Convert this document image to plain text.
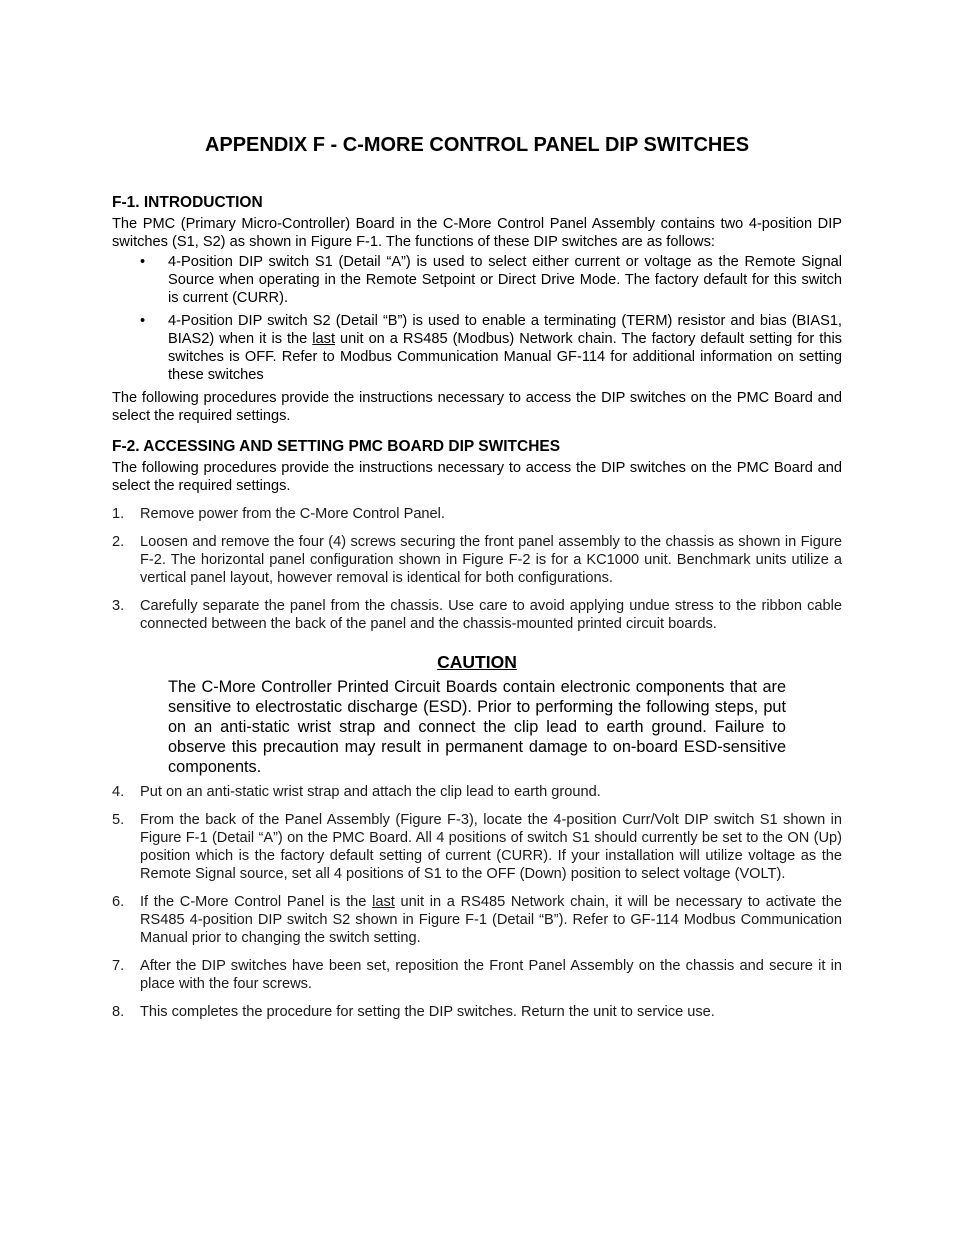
APPENDIX F - C-MORE CONTROL PANEL DIP SWITCHES
F-1. INTRODUCTION

The PMC (Primary Micro-Controller) Board in the C-More Control Panel Assembly contains two 4-position DIP switches (S1, S2) as shown in Figure F-1. The functions of these DIP switches are as follows:

• 4-Position DIP switch S1 (Detail “A”) is used to select either current or voltage as the Remote Signal Source when operating in the Remote Setpoint or Direct Drive Mode. The factory default for this switch is current (CURR).
• 4-Position DIP switch S2 (Detail “B”) is used to enable a terminating (TERM) resistor and bias (BIAS1, BIAS2) when it is the last unit on a RS485 (Modbus) Network chain. The factory default setting for this switches is OFF. Refer to Modbus Communication Manual GF-114 for additional information on setting these switches

The following procedures provide the instructions necessary to access the DIP switches on the PMC Board and select the required settings.

F-2. ACCESSING AND SETTING PMC BOARD DIP SWITCHES

The following procedures provide the instructions necessary to access the DIP switches on the PMC Board and select the required settings.

1. Remove power from the C-More Control Panel.
2. Loosen and remove the four (4) screws securing the front panel assembly to the chassis as shown in Figure F-2. The horizontal panel configuration shown in Figure F-2 is for a KC1000 unit. Benchmark units utilize a vertical panel layout, however removal is identical for both configurations.
3. Carefully separate the panel from the chassis. Use care to avoid applying undue stress to the ribbon cable connected between the back of the panel and the chassis-mounted printed circuit boards.
CAUTION

The C-More Controller Printed Circuit Boards contain electronic components that are sensitive to electrostatic discharge (ESD). Prior to performing the following steps, put on an anti-static wrist strap and connect the clip lead to earth ground. Failure to observe this precaution may result in permanent damage to on-board ESD-sensitive components.

4. Put on an anti-static wrist strap and attach the clip lead to earth ground.
5. From the back of the Panel Assembly (Figure F-3), locate the 4-position Curr/Volt DIP switch S1 shown in Figure F-1 (Detail “A”) on the PMC Board. All 4 positions of switch S1 should currently be set to the ON (Up) position which is the factory default setting of current (CURR). If your installation will utilize voltage as the Remote Signal source, set all 4 positions of S1 to the OFF (Down) position to select voltage (VOLT).
6. If the C-More Control Panel is the last unit in a RS485 Network chain, it will be necessary to activate the RS485 4-position DIP switch S2 shown in Figure F-1 (Detail “B”). Refer to GF-114 Modbus Communication Manual prior to changing the switch setting.
7. After the DIP switches have been set, reposition the Front Panel Assembly on the chassis and secure it in place with the four screws.
8. This completes the procedure for setting the DIP switches. Return the unit to service use.
